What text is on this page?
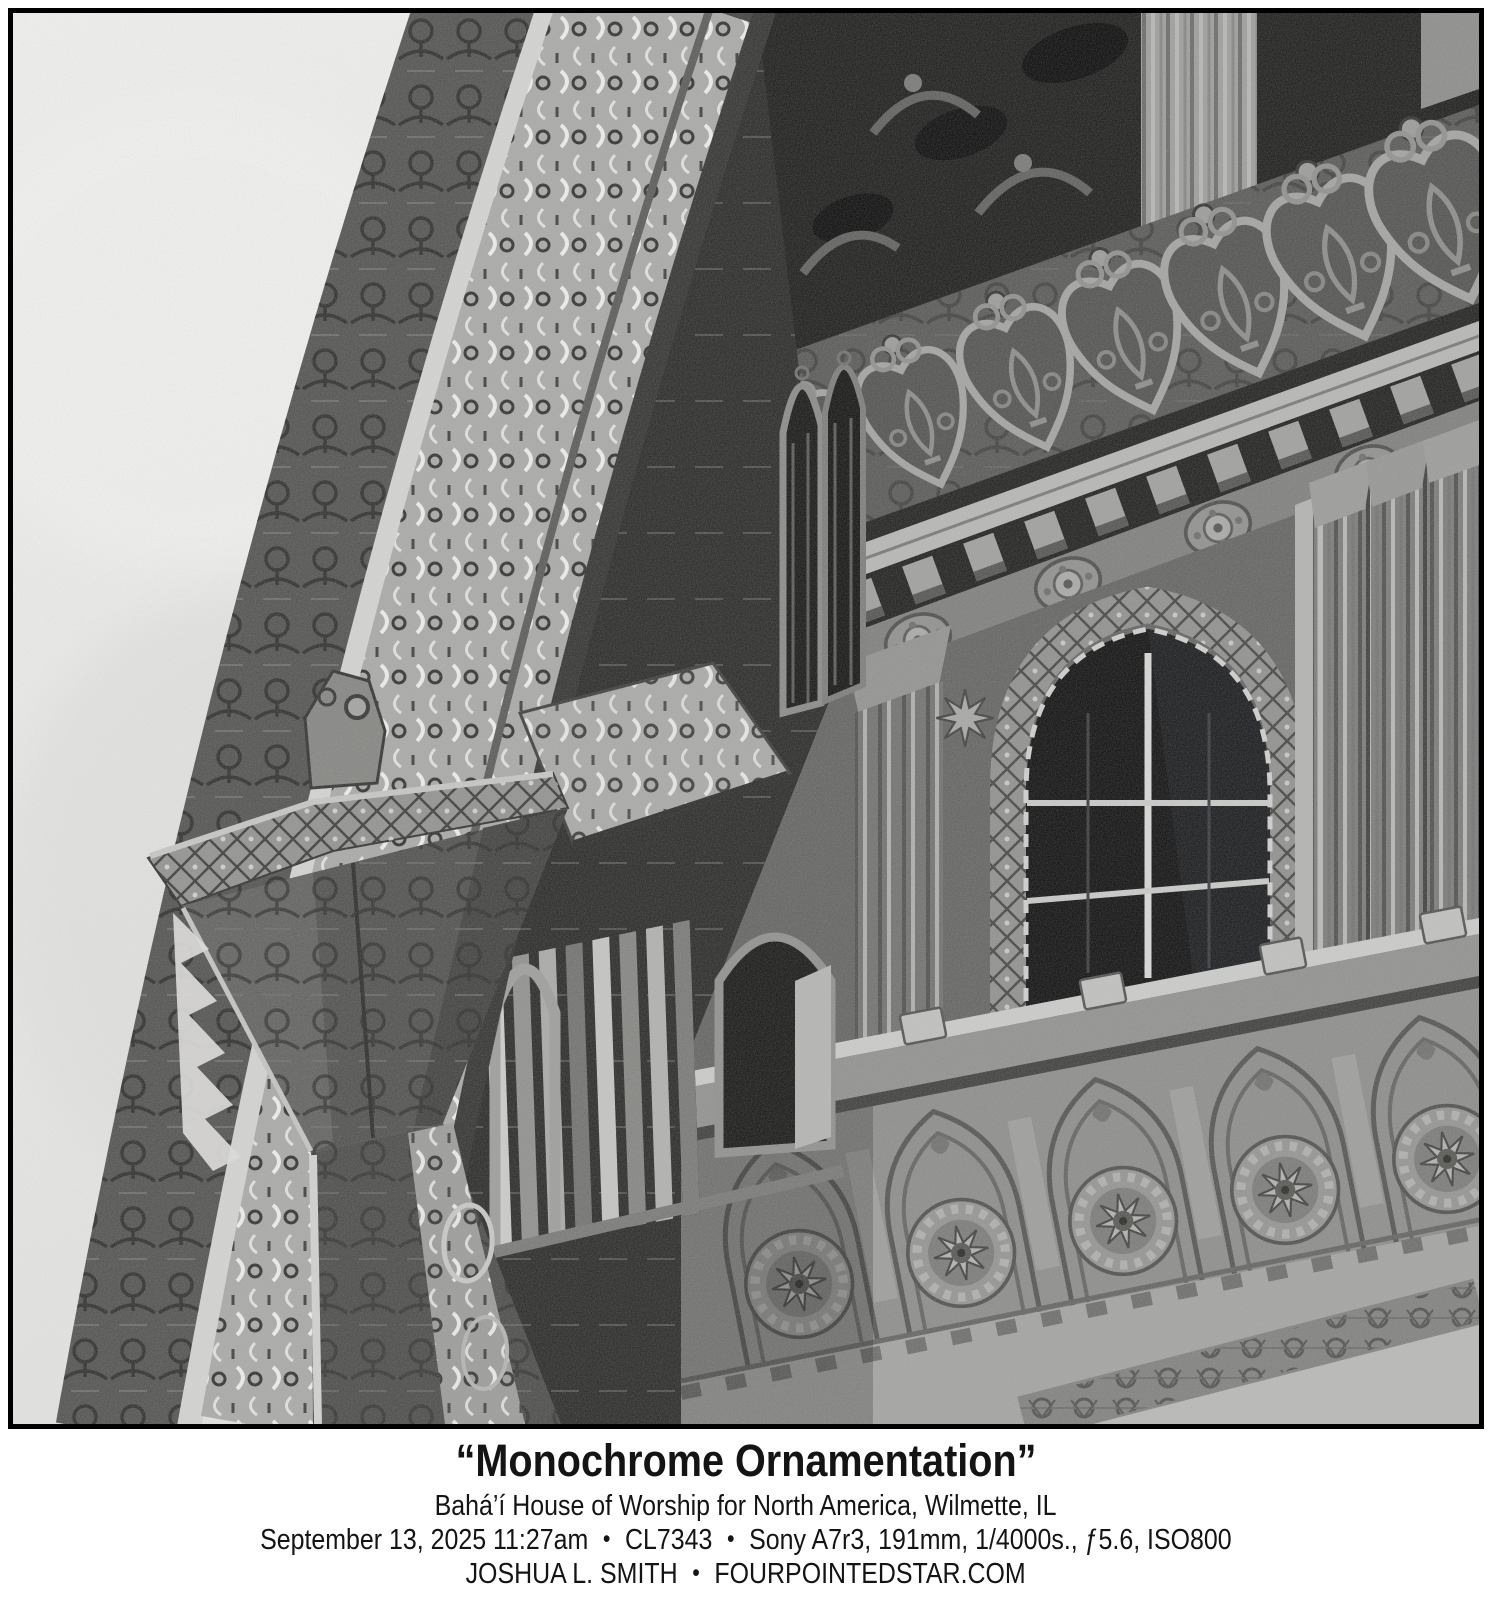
“Monochrome Ornamentation”
Bahá’í House of Worship for North America, Wilmette, IL
September 13, 2025 11:27am • CL7343 • Sony A7r3, 191mm, 1/4000s., ƒ5.6, ISO800
JOSHUA L. SMITH • FOURPOINTEDSTAR.COM
